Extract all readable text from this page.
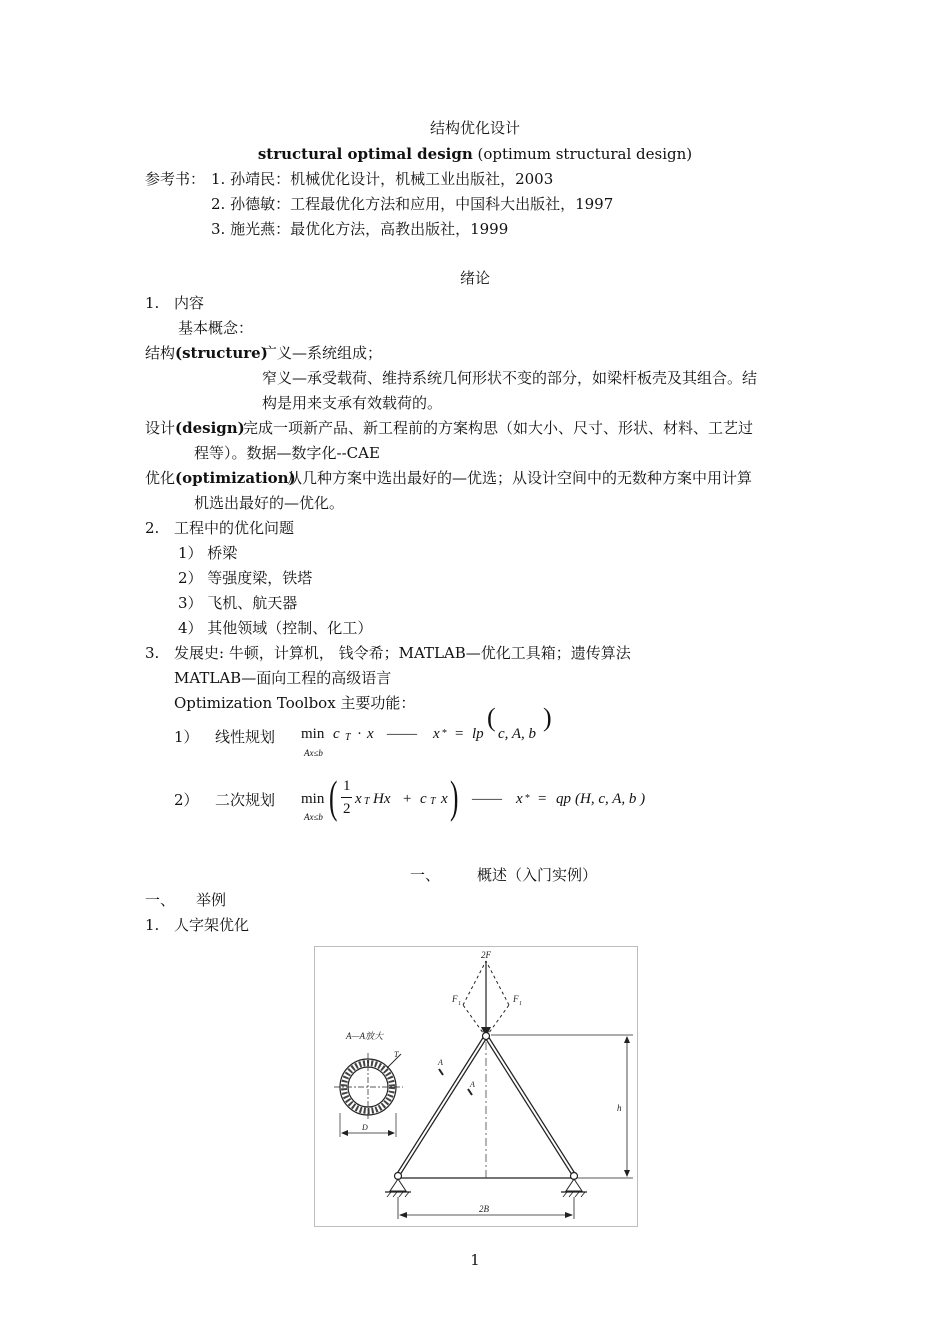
结构优化设计
structural optimal design (optimum structural design)
参考书： 1. 孙靖民：机械优化设计，机械工业出版社，2003
2. 孙德敏：工程最优化方法和应用，中国科大出版社，1997
3. 施光燕：最优化方法，高教出版社，1999
绪论
1. 内容
基本概念：
结构(structure)
广义—系统组成；
窄义—承受载荷、维持系统几何形状不变的部分，如梁杆板壳及其组合。结
构是用来支承有效载荷的。
设计(design)
完成一项新产品、新工程前的方案构思（如大小、尺寸、形状、材料、工艺过
程等）。数据—数字化--CAE
优化(optimization)
从几种方案中选出最好的—优选；从设计空间中的无数种方案中用计算
机选出最好的—优化。
2. 工程中的优化问题
1） 桥梁
2） 等强度梁，铁塔
3） 飞机、航天器
4） 其他领域（控制、化工）
3. 发展史: 牛顿，计算机， 钱令希；MATLAB—优化工具箱；遗传算法
MATLAB—面向工程的高级语言
Optimization Toolbox 主要功能：
1） 线性规划 min
Ax≤b
c T · x —— x * = lp
(
c, A, b
)
2） 二次规划 min
Ax≤b ( 1
2
x T Hx + c T x ) —— x * = qp (H, c, A, b )
一、 概述（入门实例）
一、 举例
1. 人字架优化
2F
F 1	F 1
A
A
h
2B
A—A放大
T
D
1
